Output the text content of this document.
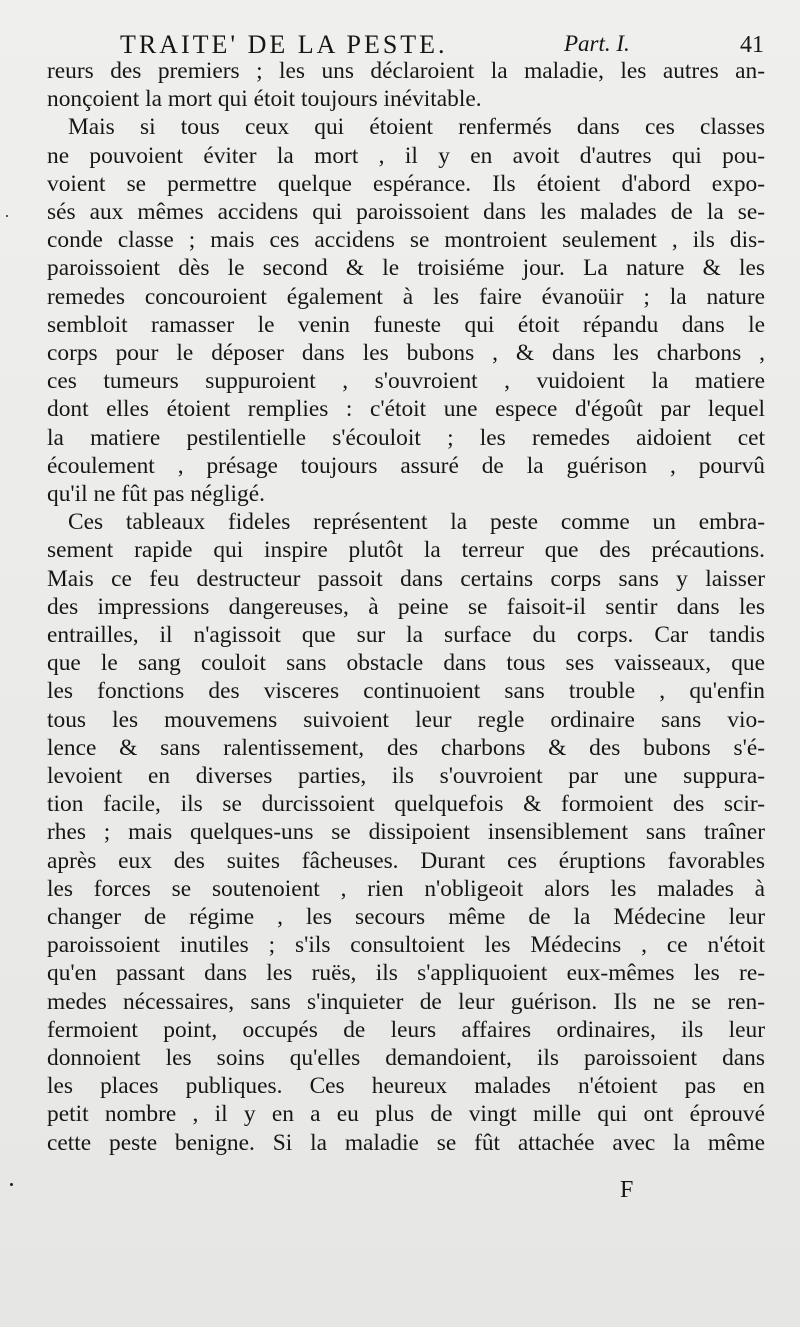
TRAITE' DE LA PESTE.	Part. I.	41
reurs des premiers ; les uns déclaroient la maladie, les autres an-
nonçoient la mort qui étoit toujours inévitable.
Mais si tous ceux qui étoient renfermés dans ces classes
ne pouvoient éviter la mort , il y en avoit d'autres qui pou-
voient se permettre quelque espérance. Ils étoient d'abord expo-
sés aux mêmes accidens qui paroissoient dans les malades de la se-
conde classe ; mais ces accidens se montroient seulement , ils dis-
paroissoient dès le second & le troisiéme jour. La nature & les
remedes concouroient également à les faire évanoüir ; la nature
sembloit ramasser le venin funeste qui étoit répandu dans le
corps pour le déposer dans les bubons , & dans les charbons ,
ces tumeurs suppuroient , s'ouvroient , vuidoient la matiere
dont elles étoient remplies : c'étoit une espece d'égoût par lequel
la matiere pestilentielle s'écouloit ; les remedes aidoient cet
écoulement , présage toujours assuré de la guérison , pourvû
qu'il ne fût pas négligé.
Ces tableaux fideles représentent la peste comme un embra-
sement rapide qui inspire plutôt la terreur que des précautions.
Mais ce feu destructeur passoit dans certains corps sans y laisser
des impressions dangereuses, à peine se faisoit-il sentir dans les
entrailles, il n'agissoit que sur la surface du corps. Car tandis
que le sang couloit sans obstacle dans tous ses vaisseaux, que
les fonctions des visceres continuoient sans trouble , qu'enfin
tous les mouvemens suivoient leur regle ordinaire sans vio-
lence & sans ralentissement, des charbons & des bubons s'é-
levoient en diverses parties, ils s'ouvroient par une suppura-
tion facile, ils se durcissoient quelquefois & formoient des scir-
rhes ; mais quelques-uns se dissipoient insensiblement sans traîner
après eux des suites fâcheuses. Durant ces éruptions favorables
les forces se soutenoient , rien n'obligeoit alors les malades à
changer de régime , les secours même de la Médecine leur
paroissoient inutiles ; s'ils consultoient les Médecins , ce n'étoit
qu'en passant dans les ruës, ils s'appliquoient eux-mêmes les re-
medes nécessaires, sans s'inquieter de leur guérison. Ils ne se ren-
fermoient point, occupés de leurs affaires ordinaires, ils leur
donnoient les soins qu'elles demandoient, ils paroissoient dans
les places publiques. Ces heureux malades n'étoient pas en
petit nombre , il y en a eu plus de vingt mille qui ont éprouvé
cette peste benigne. Si la maladie se fût attachée avec la même
F
